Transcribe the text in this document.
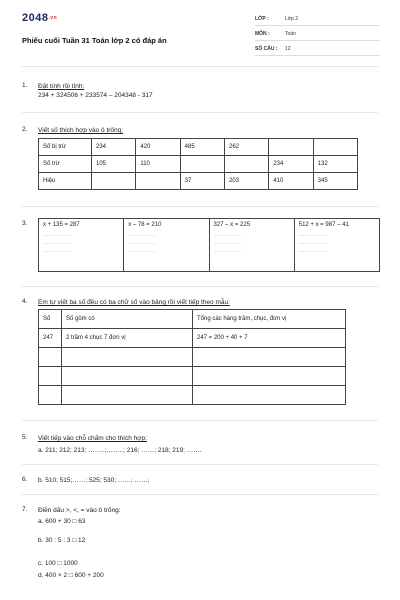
2048.vn
Phiếu cuối Tuần 31 Toán lớp 2 có đáp án
LỚP :	Lớp 2
MÔN :	Toán
SỐ CÂU : 12
1. Đặt tính rồi tính:
234 + 324506 + 233574 – 204348 - 317
2. Viết số thích hợp vào ô trống:
Số bị trừ	234	420	485	262		
Số trừ	105	110			234	132
Hiệu			37	203	410	345
3.	x + 135 = 287
………………..
………………..
………………..
	x – 78 = 210
………………..
………………..
………………..
	327 – x = 225
………………..
………………..
………………..
	512 + x = 987 – 41
………………..
………………..
………………..
4. Em tự viết ba số đều có ba chữ số vào bảng rồi viết tiếp theo mẫu:
Số	Số gồm có	Tổng các hàng trăm, chục, đơn vị
247	2 trăm 4 chục 7 đơn vị	247 = 200 + 40 + 7

5. Viết tiếp vào chỗ chấm cho thích hợp:
a. 211; 212; 213; ……..;……..; 216; ……; 218; 219; …….
6. b. 510; 515;……; 525; 530; ……; ……;
7. Điền dấu >, <, = vào ô trống:
a. 600 + 30 □ 63
b. 30 : 5 : 3 □ 12
c. 100 □ 1000
d. 400 × 2 □ 600 + 200
